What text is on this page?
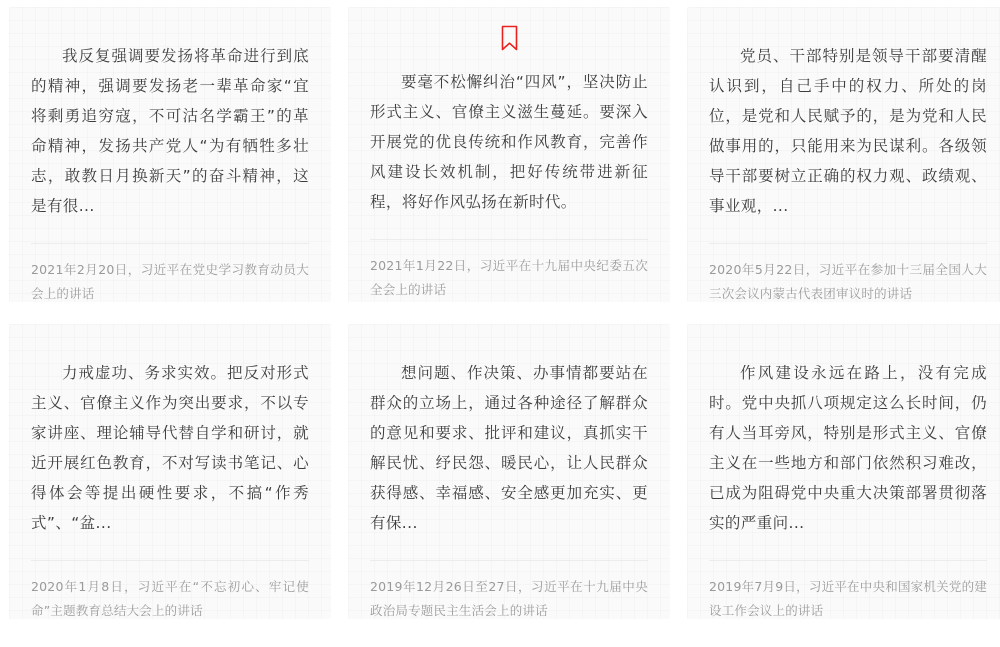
我反复强调要发扬将革命进行到底的精神，强调要发扬老一辈革命家“宜将剩勇追穷寇，不可沽名学霸王”的革命精神，发扬共产党人“为有牺牲多壮志，敢教日月换新天”的奋斗精神，这是有很...

2021年2月20日，习近平在党史学习教育动员大会上的讲话

要毫不松懈纠治“四风”，坚决防止形式主义、官僚主义滋生蔓延。要深入开展党的优良传统和作风教育，完善作风建设长效机制，把好传统带进新征程，将好作风弘扬在新时代。

2021年1月22日，习近平在十九届中央纪委五次全会上的讲话

党员、干部特别是领导干部要清醒认识到，自己手中的权力、所处的岗位，是党和人民赋予的，是为党和人民做事用的，只能用来为民谋利。各级领导干部要树立正确的权力观、政绩观、事业观，...

2020年5月22日，习近平在参加十三届全国人大三次会议内蒙古代表团审议时的讲话

力戒虚功、务求实效。把反对形式主义、官僚主义作为突出要求，不以专家讲座、理论辅导代替自学和研讨，就近开展红色教育，不对写读书笔记、心得体会等提出硬性要求，不搞“作秀式”、“盆...

2020年1月8日，习近平在“不忘初心、牢记使命”主题教育总结大会上的讲话

想问题、作决策、办事情都要站在群众的立场上，通过各种途径了解群众的意见和要求、批评和建议，真抓实干解民忧、纾民怨、暖民心，让人民群众获得感、幸福感、安全感更加充实、更有保...

2019年12月26日至27日，习近平在十九届中央政治局专题民主生活会上的讲话

作风建设永远在路上，没有完成时。党中央抓八项规定这么长时间，仍有人当耳旁风，特别是形式主义、官僚主义在一些地方和部门依然积习难改，已成为阻碍党中央重大决策部署贯彻落实的严重问...

2019年7月9日，习近平在中央和国家机关党的建设工作会议上的讲话
